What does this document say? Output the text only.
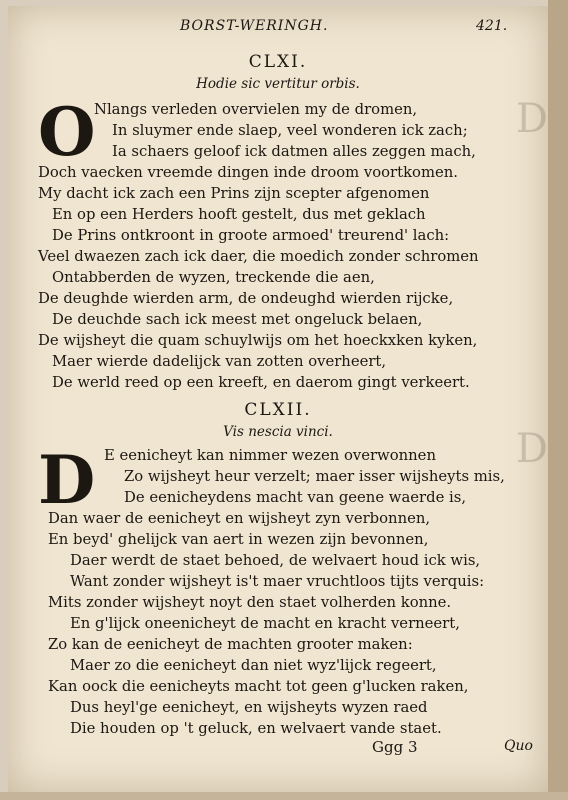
D
D
BORST-WERINGH.	421.
CLXI.
Hodie sic vertitur orbis.
O
Nlangs verleden overvielen my de dromen,
In sluymer ende slaep, veel wonderen ick zach;
Ia schaers geloof ick datmen alles zeggen mach,
Doch vaecken vreemde dingen inde droom voortkomen.
My dacht ick zach een Prins zijn scepter afgenomen
En op een Herders hooft gestelt, dus met geklach
De Prins ontkroont in groote armoed' treurend' lach:
Veel dwaezen zach ick daer, die moedich zonder schromen
Ontabberden de wyzen, treckende die aen,
De deughde wierden arm, de ondeughd wierden rijcke,
De deuchde sach ick meest met ongeluck belaen,
De wijsheyt die quam schuylwijs om het hoeckxken kyken,
Maer wierde dadelijck van zotten overheert,
De werld reed op een kreeft, en daerom gingt verkeert.
CLXII.
Vis nescia vinci.
D E eenicheyt kan nimmer wezen overwonnen
Zo wijsheyt heur verzelt; maer isser wijsheyts mis,
De eenicheydens macht van geene waerde is,
Dan waer de eenicheyt en wijsheyt zyn verbonnen,
En beyd' ghelijck van aert in wezen zijn bevonnen,
Daer werdt de staet behoed, de welvaert houd ick wis,
Want zonder wijsheyt is't maer vruchtloos tijts verquis:
Mits zonder wijsheyt noyt den staet volherden konne.
En g'lijck oneenicheyt de macht en kracht verneert,
Zo kan de eenicheyt de machten grooter maken:
Maer zo die eenicheyt dan niet wyz'lijck regeert,
Kan oock die eenicheyts macht tot geen g'lucken raken,
Dus heyl'ge eenicheyt, en wijsheyts wyzen raed
Die houden op 't geluck, en welvaert vande staet.
Ggg 3	Quo
